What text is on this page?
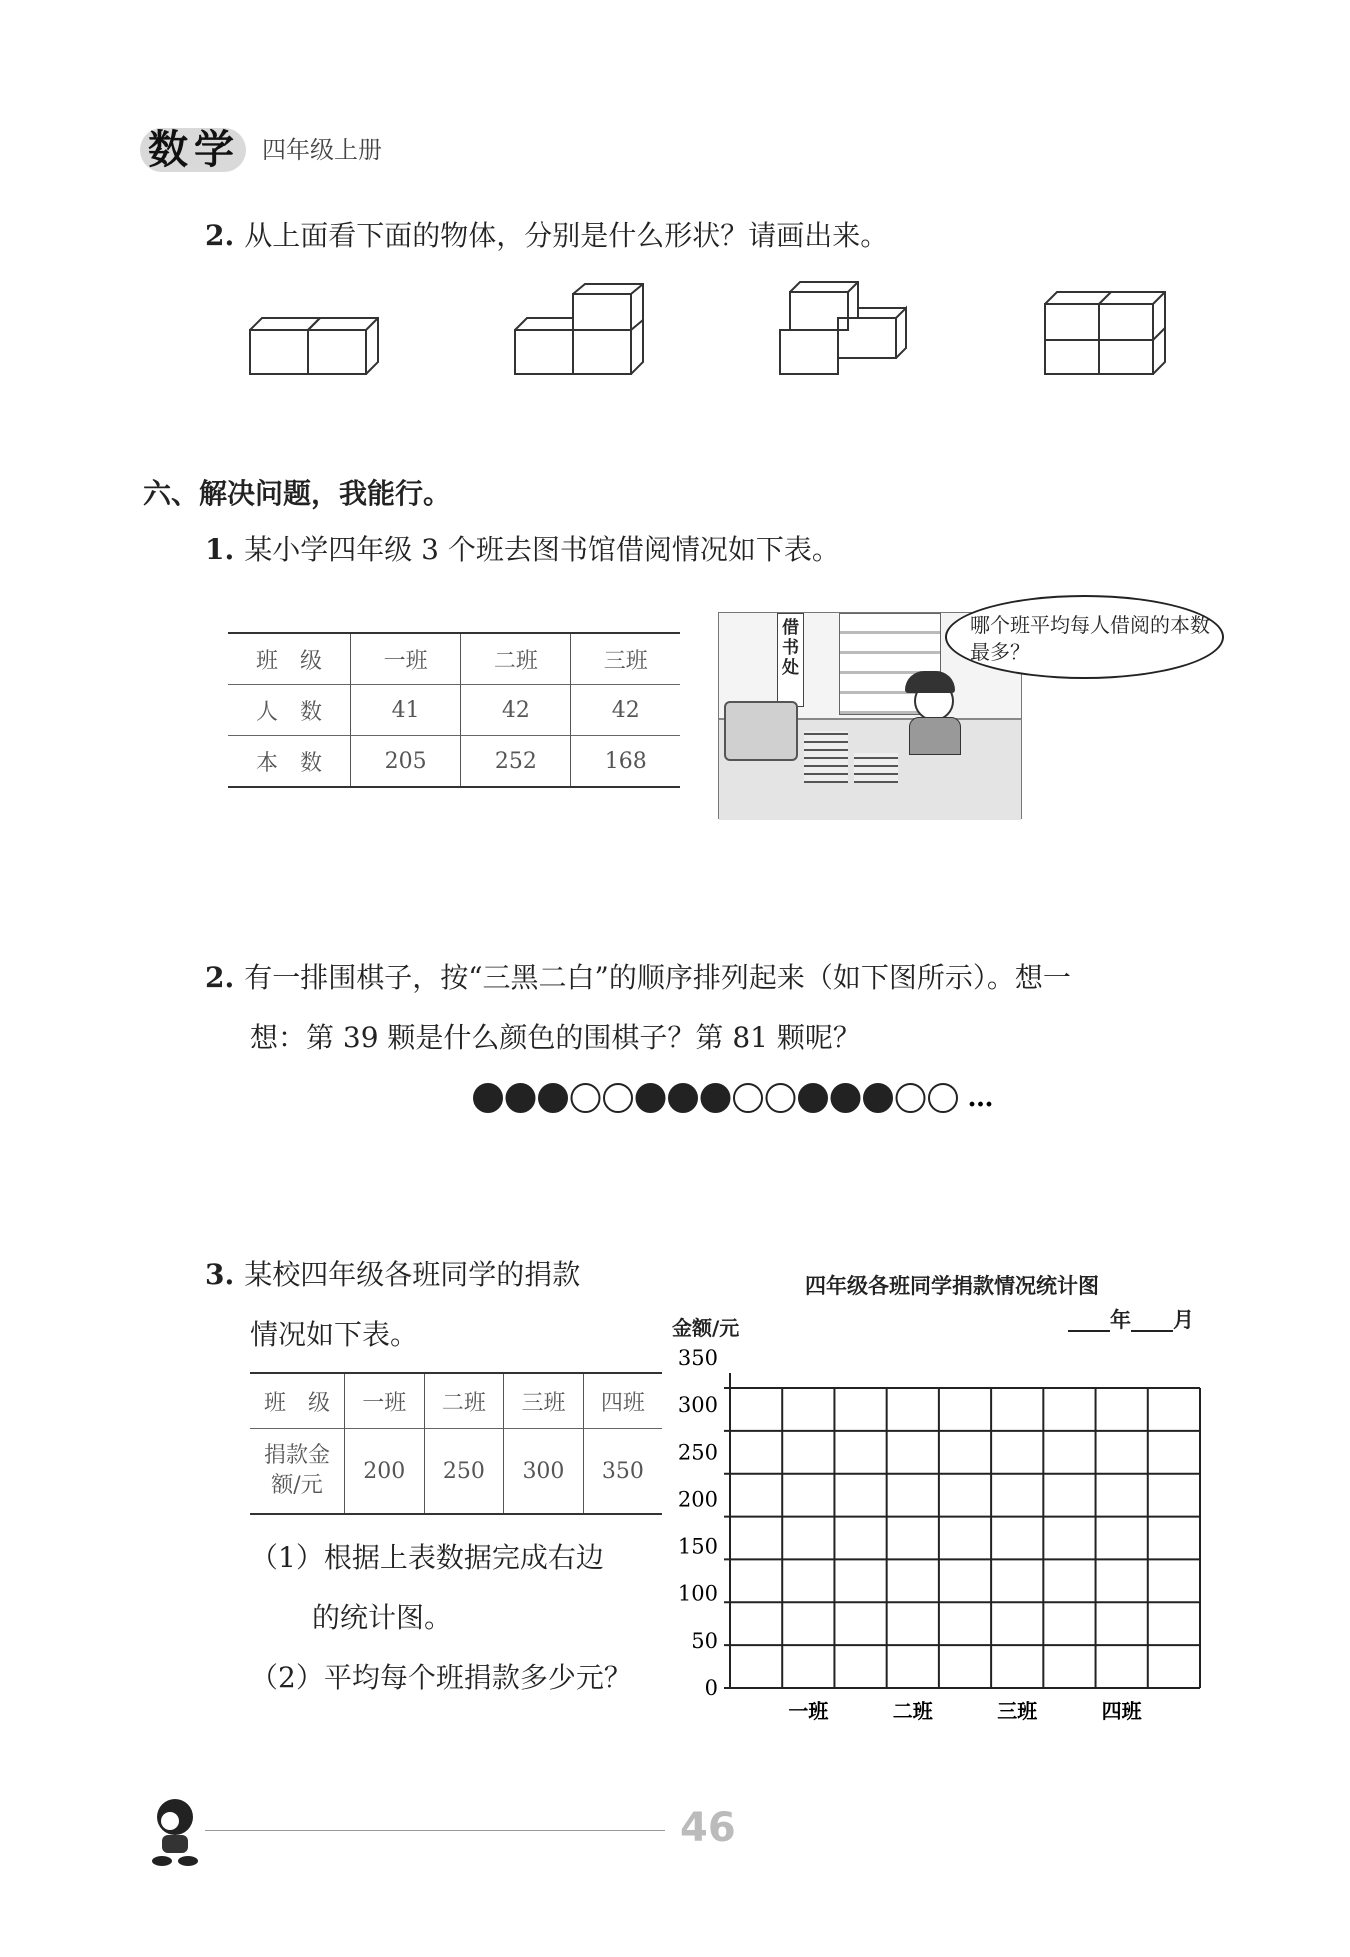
数学 四年级上册
2. 从上面看下面的物体，分别是什么形状？请画出来。
六、解决问题，我能行。
1. 某小学四年级 3 个班去图书馆借阅情况如下表。
班　级	一班	二班	三班
人　数	41	42	42
本　数	205	252	168
借书处
哪个班平均每人借阅的本数最多？
2. 有一排围棋子，按“三黑二白”的顺序排列起来（如下图所示）。想一
想：第 39 颗是什么颜色的围棋子？第 81 颗呢？
…
3. 某校四年级各班同学的捐款
情况如下表。
班　级	一班	二班	三班	四班
捐款金
额/元	200	250	300	350
（1）根据上表数据完成右边
的统计图。
（2）平均每个班捐款多少元？
四年级各班同学捐款情况统计图
____年____月
金额/元
350
300
250
200
150
100
50
0
一班	二班	三班	四班
46
